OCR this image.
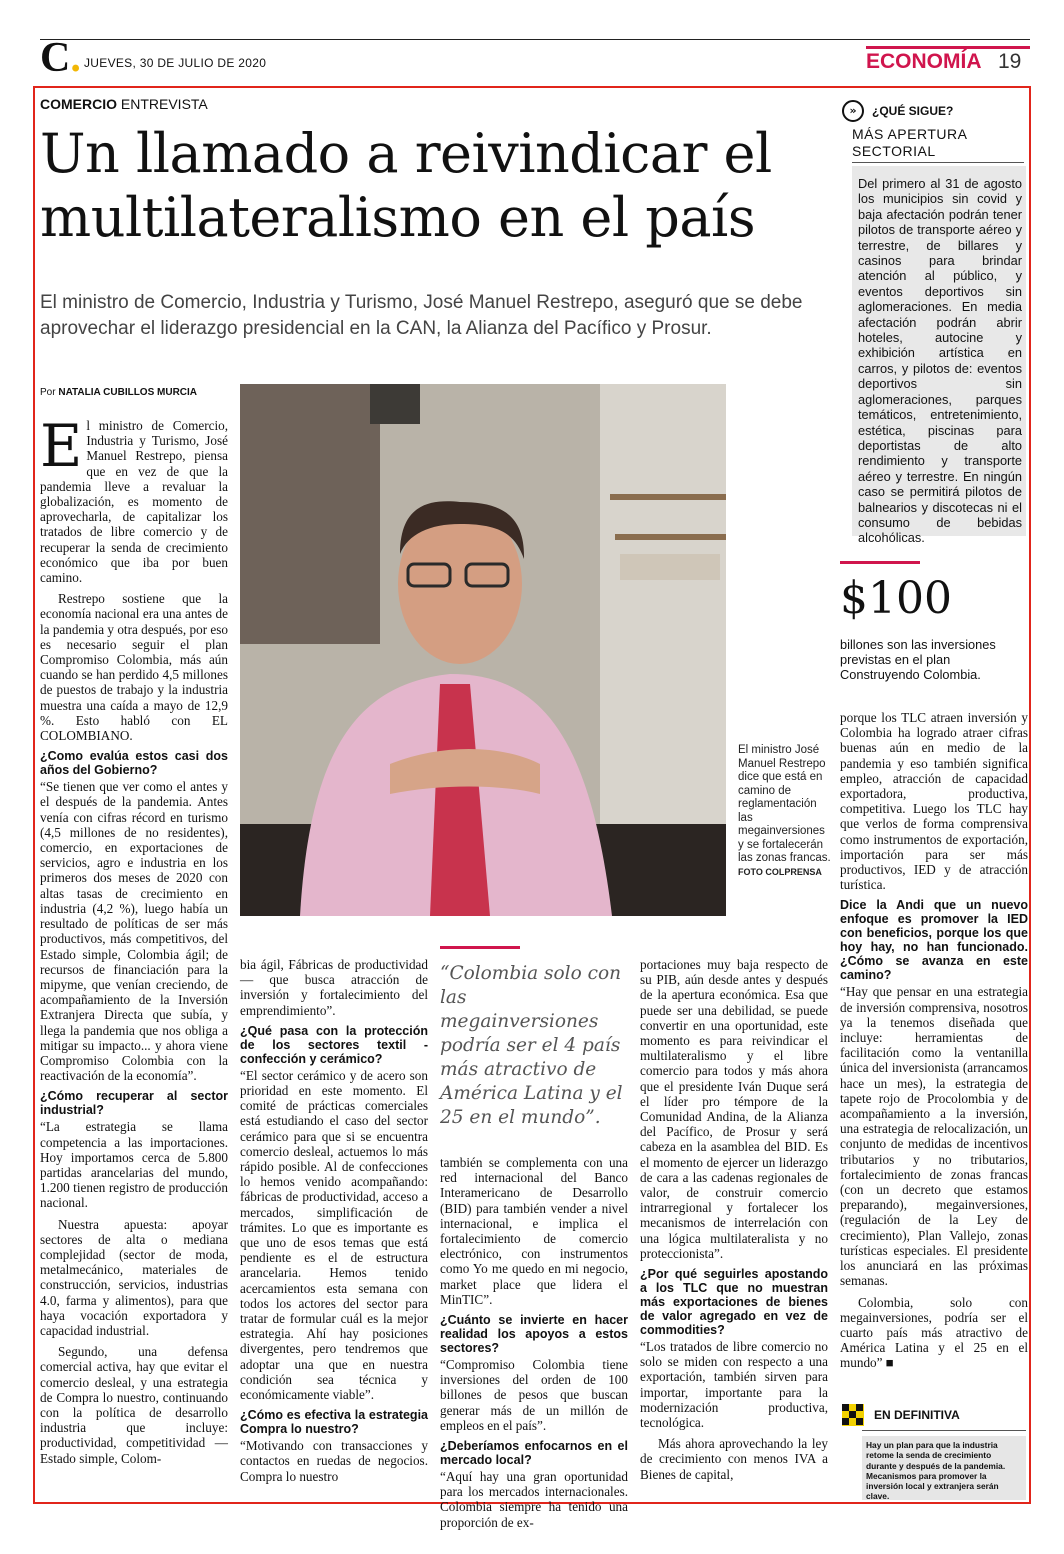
C. JUEVES, 30 DE JULIO DE 2020	ECONOMÍA 19
COMERCIO ENTREVISTA
Un llamado a reivindicar el multilateralismo en el país
El ministro de Comercio, Industria y Turismo, José Manuel Restrepo, aseguró que se debe aprovechar el liderazgo presidencial en la CAN, la Alianza del Pacífico y Prosur.
Por NATALIA CUBILLOS MURCIA

El ministro de Comercio, Industria y Turismo, José Manuel Restrepo, piensa que en vez de que la pandemia lleve a revaluar la globalización, es momento de aprovecharla, de capitalizar los tratados de libre comercio y de recuperar la senda de crecimiento económico que iba por buen camino.

Restrepo sostiene que la economía nacional era una antes de la pandemia y otra después, por eso es necesario seguir el plan Compromiso Colombia, más aún cuando se han perdido 4,5 millones de puestos de trabajo y la industria muestra una caída a mayo de 12,9 %. Esto habló con EL COLOMBIANO.

¿Como evalúa estos casi dos años del Gobierno?

“Se tienen que ver como el antes y el después de la pandemia. Antes venía con cifras récord en turismo (4,5 millones de no residentes), comercio, en exportaciones de servicios, agro e industria en los primeros dos meses de 2020 con altas tasas de crecimiento en industria (4,2 %), luego había un resultado de políticas de ser más productivos, más competitivos, del Estado simple, Colombia ágil; de recursos de financiación para la mipyme, que venían creciendo, de acompañamiento de la Inversión Extranjera Directa que subía, y llega la pandemia que nos obliga a mitigar su impacto... y ahora viene Compromiso Colombia con la reactivación de la economía”.

¿Cómo recuperar al sector industrial?

“La estrategia se llama competencia a las importaciones. Hoy importamos cerca de 5.800 partidas arancelarias del mundo, 1.200 tienen registro de producción nacional.

Nuestra apuesta: apoyar sectores de alta o mediana complejidad (sector de moda, metalmecánico, materiales de construcción, servicios, industrias 4.0, farma y alimentos), para que haya vocación exportadora y capacidad industrial.

Segundo, una defensa comercial activa, hay que evitar el comercio desleal, y una estrategia de Compra lo nuestro, continuando con la política de desarrollo industria que incluye: productividad, competitividad —Estado simple, Colom-

El ministro José Manuel Restrepo dice que está en camino de reglamentación las megainversiones y se fortalecerán las zonas francas. FOTO COLPRENSA

bia ágil, Fábricas de productividad— que busca atracción de inversión y fortalecimiento del emprendimiento”.

¿Qué pasa con la protección de los sectores textil - confección y cerámico?

“El sector cerámico y de acero son prioridad en este momento. El comité de prácticas comerciales está estudiando el caso del sector cerámico para que si se encuentra comercio desleal, actuemos lo más rápido posible. Al de confecciones lo hemos venido acompañando: fábricas de productividad, acceso a mercados, simplificación de trámites. Lo que es importante es que uno de esos temas que está pendiente es el de estructura arancelaria. Hemos tenido acercamientos esta semana con todos los actores del sector para tratar de formular cuál es la mejor estrategia. Ahí hay posiciones divergentes, pero tendremos que adoptar una que en nuestra condición sea técnica y económicamente viable”.

¿Cómo es efectiva la estrategia Compra lo nuestro?

“Motivando con transacciones y contactos en ruedas de negocios. Compra lo nuestro

“Colombia solo con las megainversiones podría ser el 4 país más atractivo de América Latina y el 25 en el mundo”.

también se complementa con una red internacional del Banco Interamericano de Desarrollo (BID) para también vender a nivel internacional, e implica el fortalecimiento de comercio electrónico, con instrumentos como Yo me quedo en mi negocio, market place que lidera el MinTIC”.

¿Cuánto se invierte en hacer realidad los apoyos a estos sectores?

“Compromiso Colombia tiene inversiones del orden de 100 billones de pesos que buscan generar más de un millón de empleos en el país”.

¿Deberíamos enfocarnos en el mercado local?

“Aquí hay una gran oportunidad para los mercados internacionales. Colombia siempre ha tenido una proporción de ex-

portaciones muy baja respecto de su PIB, aún desde antes y después de la apertura económica. Esa que puede ser una debilidad, se puede convertir en una oportunidad, este momento es para reivindicar el multilateralismo y el libre comercio para todos y más ahora que el presidente Iván Duque será el líder pro témpore de la Comunidad Andina, de la Alianza del Pacífico, de Prosur y será cabeza en la asamblea del BID. Es el momento de ejercer un liderazgo de cara a las cadenas regionales de valor, de construir comercio intrarregional y fortalecer los mecanismos de interrelación con una lógica multilateralista y no proteccionista”.

¿Por qué seguirles apostando a los TLC que no muestran más exportaciones de bienes de valor agregado en vez de commodities?

“Los tratados de libre comercio no solo se miden con respecto a una exportación, también sirven para importar, importante para la modernización productiva, tecnológica.

Más ahora aprovechando la ley de crecimiento con menos IVA a Bienes de capital,

»	¿QUÉ SIGUE?
MÁS APERTURA SECTORIAL
Del primero al 31 de agosto los municipios sin covid y baja afectación podrán tener pilotos de transporte aéreo y terrestre, de billares y casinos para brindar atención al público, y eventos deportivos sin aglomeraciones. En media afectación podrán abrir hoteles, autocine y exhibición artística en carros, y pilotos de: eventos deportivos sin aglomeraciones, parques temáticos, entretenimiento, estética, piscinas para deportistas de alto rendimiento y transporte aéreo y terrestre. En ningún caso se permitirá pilotos de balnearios y discotecas ni el consumo de bebidas alcohólicas.
$100
billones son las inversiones previstas en el plan Construyendo Colombia.

porque los TLC atraen inversión y Colombia ha logrado atraer cifras buenas aún en medio de la pandemia y eso también significa empleo, atracción de capacidad exportadora, productiva, competitiva. Luego los TLC hay que verlos de forma comprensiva como instrumentos de exportación, importación para ser más productivos, IED y de atracción turística.

Dice la Andi que un nuevo enfoque es promover la IED con beneficios, porque los que hoy hay, no han funcionado. ¿Cómo se avanza en este camino?

“Hay que pensar en una estrategia de inversión comprensiva, nosotros ya la tenemos diseñada que incluye: herramientas de facilitación como la ventanilla única del inversionista (arrancamos hace un mes), la estrategia de tapete rojo de Procolombia y de acompañamiento a la inversión, una estrategia de relocalización, un conjunto de medidas de incentivos tributarios y no tributarios, fortalecimiento de zonas francas (con un decreto que estamos preparando), megainversiones, (regulación de la Ley de crecimiento), Plan Vallejo, zonas turísticas especiales. El presidente los anunciará en las próximas semanas.

Colombia, solo con megainversiones, podría ser el cuarto país más atractivo de América Latina y el 25 en el mundo” ■

EN DEFINITIVA
Hay un plan para que la industria retome la senda de crecimiento durante y después de la pandemia. Mecanismos para promover la inversión local y extranjera serán clave.
